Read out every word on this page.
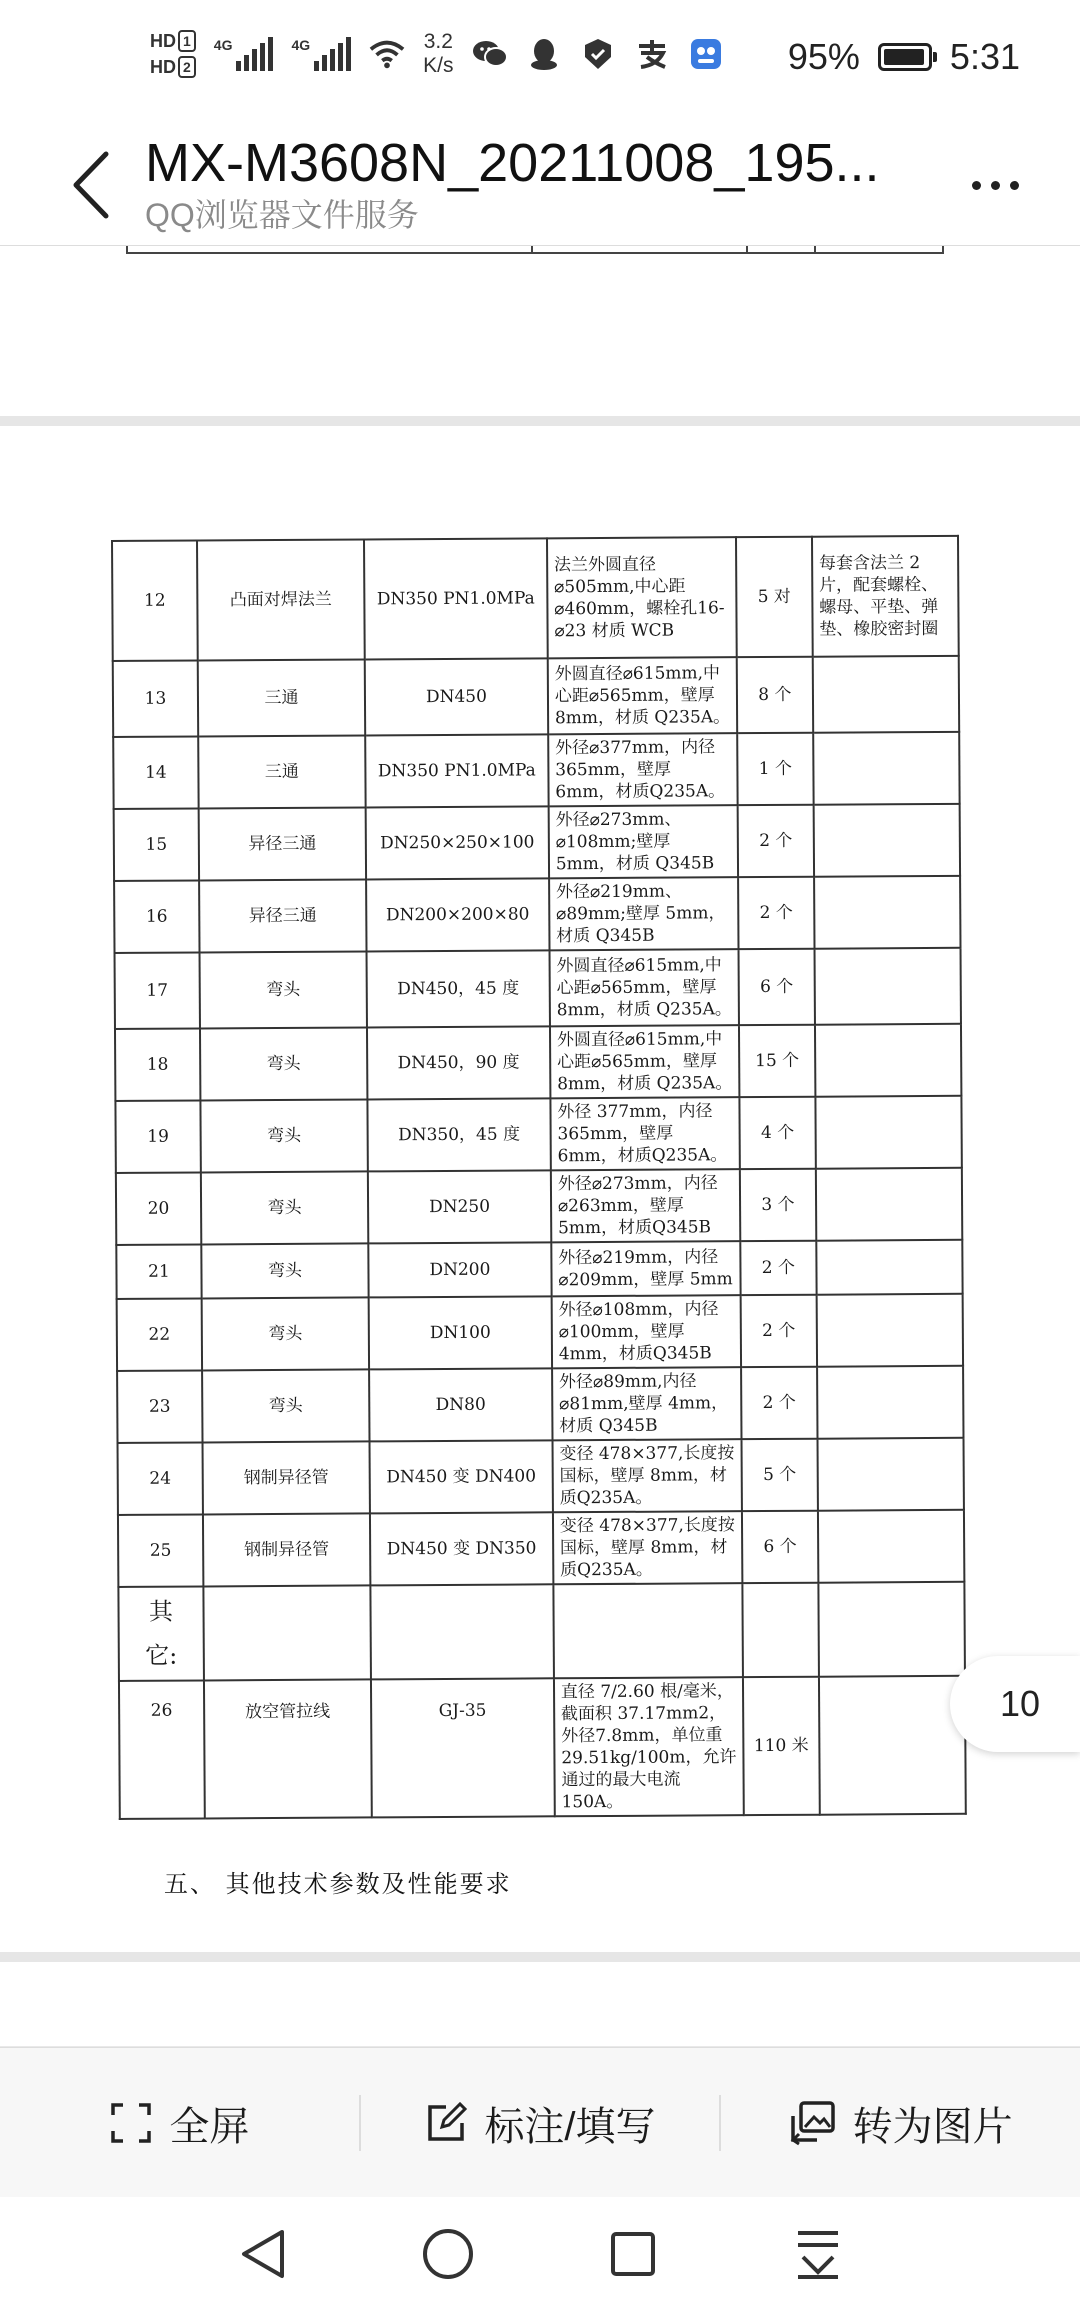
HD 1
HD 2
4G	4G	3.2
K/s	95%	5:31
MX-M3608N_20211008_195...
QQ浏览器文件服务
12	凸面对焊法兰	DN350 PN1.0MPa	法兰外圆直径⌀505mm,中心距⌀460mm，螺栓孔16-⌀23 材质 WCB	5 对	每套含法兰 2 片，配套螺栓、螺母、平垫、弹垫、橡胶密封圈
13	三通	DN450	外圆直径⌀615mm,中心距⌀565mm，壁厚 8mm，材质 Q235A。	8 个	
14	三通	DN350 PN1.0MPa	外径⌀377mm，内径365mm，壁厚 6mm，材质Q235A。	1 个	
15	异径三通	DN250×250×100	外径⌀273mm、⌀108mm;壁厚 5mm，材质 Q345B	2 个	
16	异径三通	DN200×200×80	外径⌀219mm、⌀89mm;壁厚 5mm，材质 Q345B	2 个	
17	弯头	DN450，45 度	外圆直径⌀615mm,中心距⌀565mm，壁厚 8mm，材质 Q235A。	6 个	
18	弯头	DN450，90 度	外圆直径⌀615mm,中心距⌀565mm，壁厚 8mm，材质 Q235A。	15 个	
19	弯头	DN350，45 度	外径 377mm，内径365mm，壁厚 6mm，材质Q235A。	4 个	
20	弯头	DN250	外径⌀273mm，内径⌀263mm，壁厚 5mm，材质Q345B	3 个	
21	弯头	DN200	外径⌀219mm，内径⌀209mm，壁厚 5mm	2 个	
22	弯头	DN100	外径⌀108mm，内径⌀100mm，壁厚 4mm，材质Q345B	2 个	
23	弯头	DN80	外径⌀89mm,内径⌀81mm,壁厚 4mm，材质 Q345B	2 个	
24	钢制异径管	DN450 变 DN400	变径 478×377,长度按国标，壁厚 8mm，材质Q235A。	5 个	
25	钢制异径管	DN450 变 DN350	变径 478×377,长度按国标，壁厚 8mm，材质Q235A。	6 个	
其
它:					
26	放空管拉线	GJ-35	直径 7/2.60 根/毫米，截面积 37.17mm2，外径7.8mm，单位重29.51kg/100m，允许通过的最大电流 150A。	110 米	
五、 其他技术参数及性能要求
10
全屏	标注/填写	转为图片
